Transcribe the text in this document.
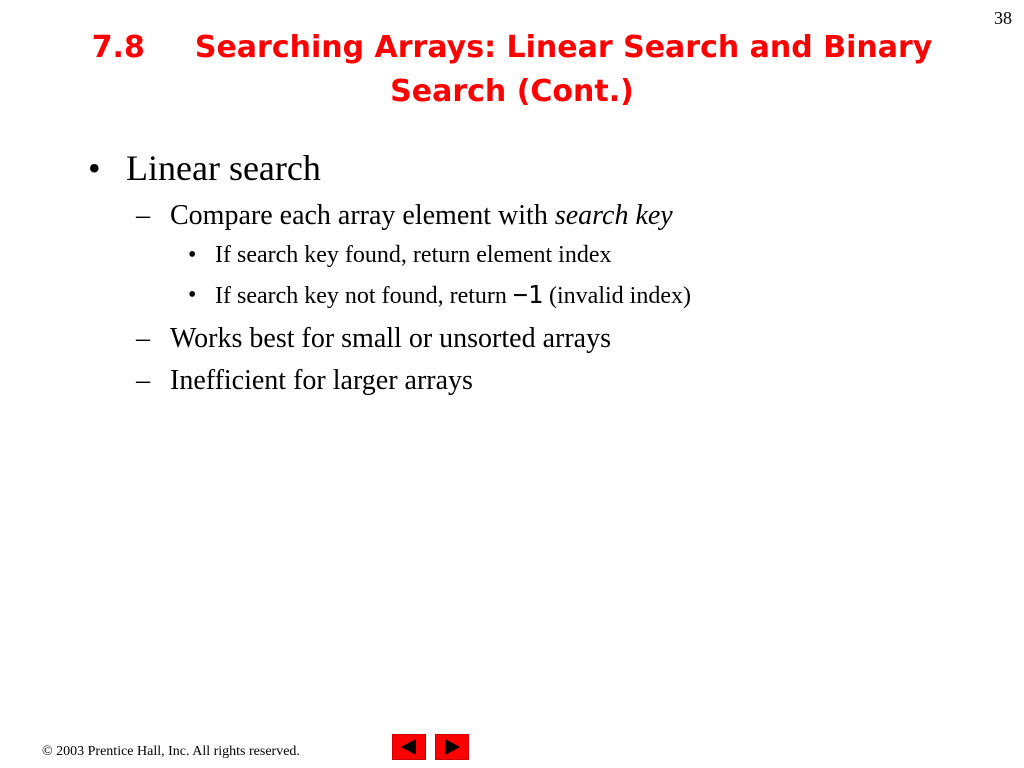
38
7.8 Searching Arrays: Linear Search and Binary
Search (Cont.)
• Linear search
– Compare each array element with search key
• If search key found, return element index
• If search key not found, return −1 (invalid index)
– Works best for small or unsorted arrays
– Inefficient for larger arrays
© 2003 Prentice Hall, Inc. All rights reserved.
